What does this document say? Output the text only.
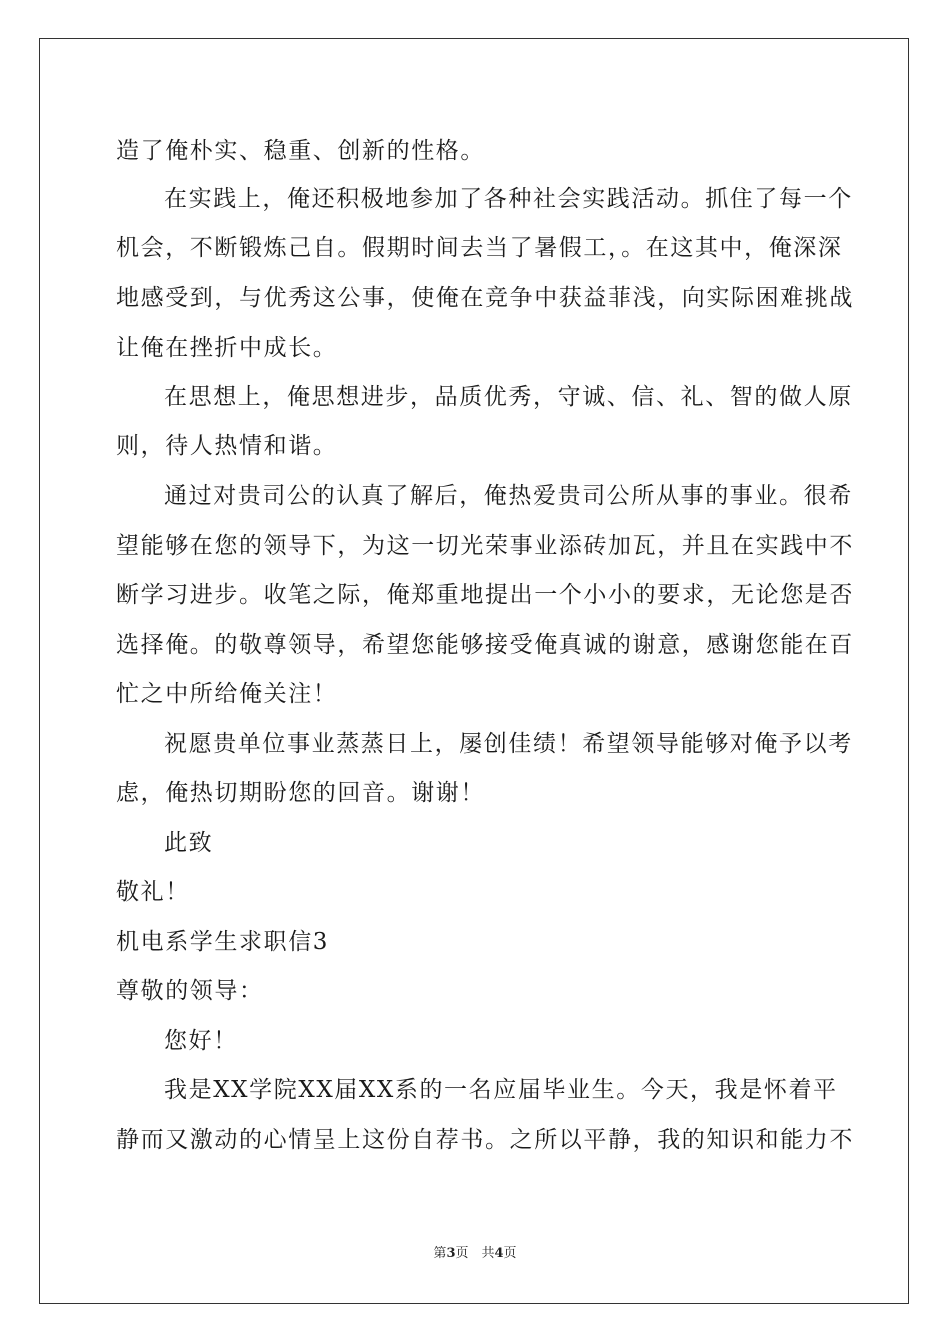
造了俺朴实、稳重、创新的性格。
在实践上，俺还积极地参加了各种社会实践活动。抓住了每一个
机会，不断锻炼己自。假期时间去当了暑假工，。在这其中，俺深深
地感受到，与优秀这公事，使俺在竞争中获益菲浅，向实际困难挑战
让俺在挫折中成长。
在思想上，俺思想进步，品质优秀，守诚、信、礼、智的做人原
则，待人热情和谐。
通过对贵司公的认真了解后，俺热爱贵司公所从事的事业。很希
望能够在您的领导下，为这一切光荣事业添砖加瓦，并且在实践中不
断学习进步。收笔之际，俺郑重地提出一个小小的要求，无论您是否
选择俺。的敬尊领导，希望您能够接受俺真诚的谢意，感谢您能在百
忙之中所给俺关注！
祝愿贵单位事业蒸蒸日上，屡创佳绩！希望领导能够对俺予以考
虑，俺热切期盼您的回音。谢谢！
此致
敬礼！
机电系学生求职信3
尊敬的领导：
您好！
我是XX学院XX届XX系的一名应届毕业生。今天，我是怀着平
静而又激动的心情呈上这份自荐书。之所以平静，我的知识和能力不
第3页　共4页
